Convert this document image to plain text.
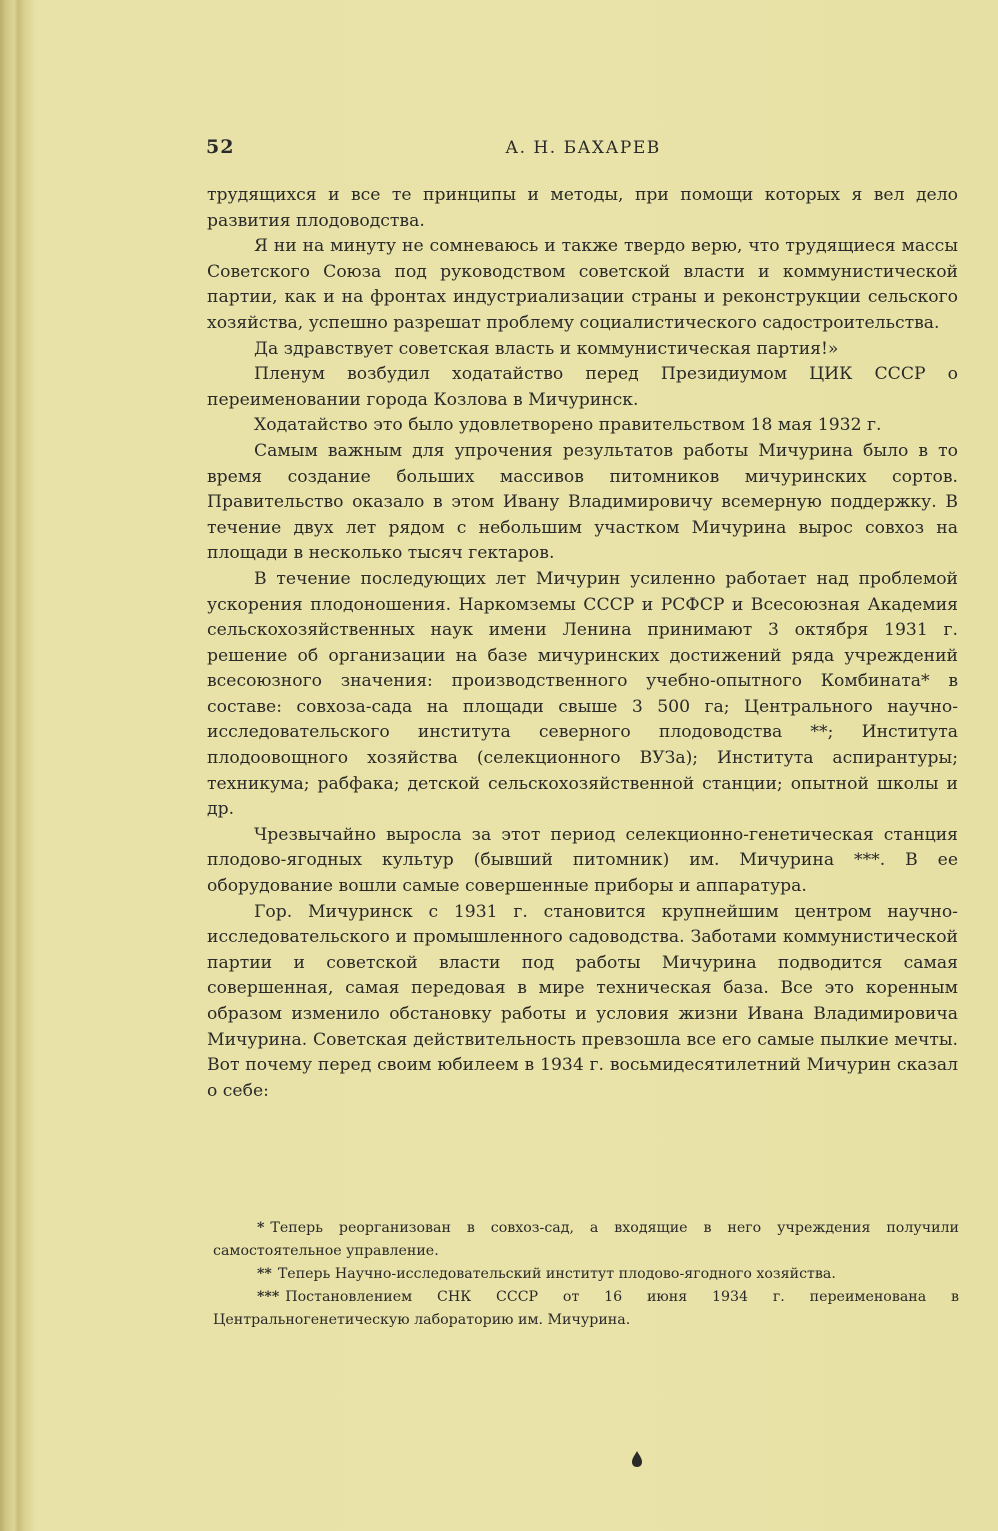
52	А. Н. БАХАРЕВ

трудящихся и все те принципы и методы, при помощи которых я вел дело развития плодоводства.

Я ни на минуту не сомневаюсь и также твердо верю, что трудящиеся массы Советского Союза под руководством советской власти и коммунистической партии, как и на фронтах индустриализации страны и реконструкции сельского хозяйства, успешно разрешат проблему социалистического садостроительства.

Да здравствует советская власть и коммунистическая партия!»

Пленум возбудил ходатайство перед Президиумом ЦИК СССР о переименовании города Козлова в Мичуринск.

Ходатайство это было удовлетворено правительством 18 мая 1932 г.

Самым важным для упрочения результатов работы Мичурина было в то время создание больших массивов питомников мичуринских сортов. Правительство оказало в этом Ивану Владимировичу всемерную поддержку. В течение двух лет рядом с небольшим участком Мичурина вырос совхоз на площади в несколько тысяч гектаров.

В течение последующих лет Мичурин усиленно работает над проблемой ускорения плодоношения. Наркомземы СССР и РСФСР и Всесоюзная Академия сельскохозяйственных наук имени Ленина принимают 3 октября 1931 г. решение об организации на базе мичуринских достижений ряда учреждений всесоюзного значения: производственного учебно-опытного Комбината* в составе: совхоза-сада на площади свыше 3 500 га; Центрального научно-исследовательского института северного плодоводства **; Института плодоовощного хозяйства (селекционного ВУЗа); Института аспирантуры; техникума; рабфака; детской сельскохозяйственной станции; опытной школы и др.

Чрезвычайно выросла за этот период селекционно-генетическая станция плодово-ягодных культур (бывший питомник) им. Мичурина ***. В ее оборудование вошли самые совершенные приборы и аппаратура.

Гор. Мичуринск с 1931 г. становится крупнейшим центром научно-исследовательского и промышленного садоводства. Заботами коммунистической партии и советской власти под работы Мичурина подводится самая совершенная, самая передовая в мире техническая база. Все это коренным образом изменило обстановку работы и условия жизни Ивана Владимировича Мичурина. Советская действительность превзошла все его самые пылкие мечты. Вот почему перед своим юбилеем в 1934 г. восьмидесятилетний Мичурин сказал о себе:

* Теперь реорганизован в совхоз-сад, а входящие в него учреждения получили самостоятельное управление.

** Теперь Научно-исследовательский институт плодово-ягодного хозяйства.

*** Постановлением СНК СССР от 16 июня 1934 г. переименована в Центральногенетическую лабораторию им. Мичурина.
